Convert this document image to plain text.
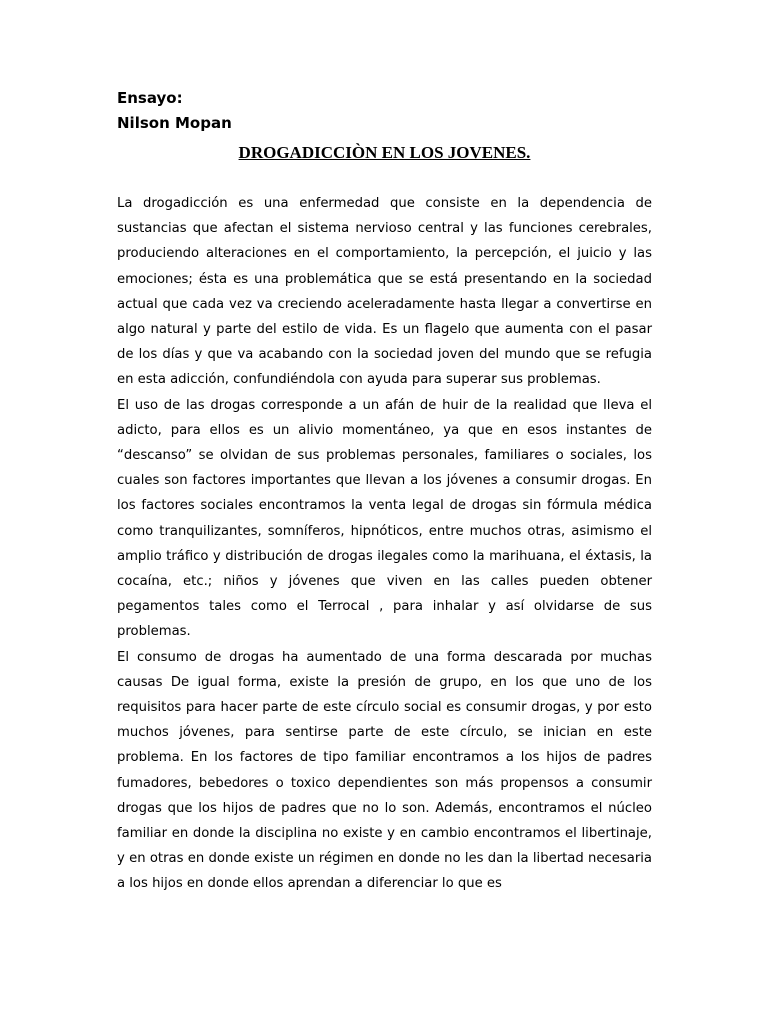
Ensayo:

Nilson Mopan

DROGADICCIÒN EN LOS JOVENES.

La drogadicción es una enfermedad que consiste en la dependencia de sustancias que afectan el sistema nervioso central y las funciones cerebrales, produciendo alteraciones en el comportamiento, la percepción, el juicio y las emociones; ésta es una problemática que se está presentando en la sociedad actual que cada vez va creciendo aceleradamente hasta llegar a convertirse en algo natural y parte del estilo de vida. Es un flagelo que aumenta con el pasar de los días y que va acabando con la sociedad joven del mundo que se refugia en esta adicción, confundiéndola con ayuda para superar sus problemas.

El uso de las drogas corresponde a un afán de huir de la realidad que lleva el adicto, para ellos es un alivio momentáneo, ya que en esos instantes de “descanso” se olvidan de sus problemas personales, familiares o sociales, los cuales son factores importantes que llevan a los jóvenes a consumir drogas. En los factores sociales encontramos la venta legal de drogas sin fórmula médica como tranquilizantes, somníferos, hipnóticos, entre muchos otras, asimismo el amplio tráfico y distribución de drogas ilegales como la marihuana, el éxtasis, la cocaína, etc.; niños y jóvenes que viven en las calles pueden obtener pegamentos tales como el Terrocal , para inhalar y así olvidarse de sus problemas.

El consumo de drogas ha aumentado de una forma descarada por muchas causas De igual forma, existe la presión de grupo, en los que uno de los requisitos para hacer parte de este círculo social es consumir drogas, y por esto muchos jóvenes, para sentirse parte de este círculo, se inician en este problema. En los factores de tipo familiar encontramos a los hijos de padres fumadores, bebedores o toxico dependientes son más propensos a consumir drogas que los hijos de padres que no lo son. Además, encontramos el núcleo familiar en donde la disciplina no existe y en cambio encontramos el libertinaje, y en otras en donde existe un régimen en donde no les dan la libertad necesaria a los hijos en donde ellos aprendan a diferenciar lo que es
